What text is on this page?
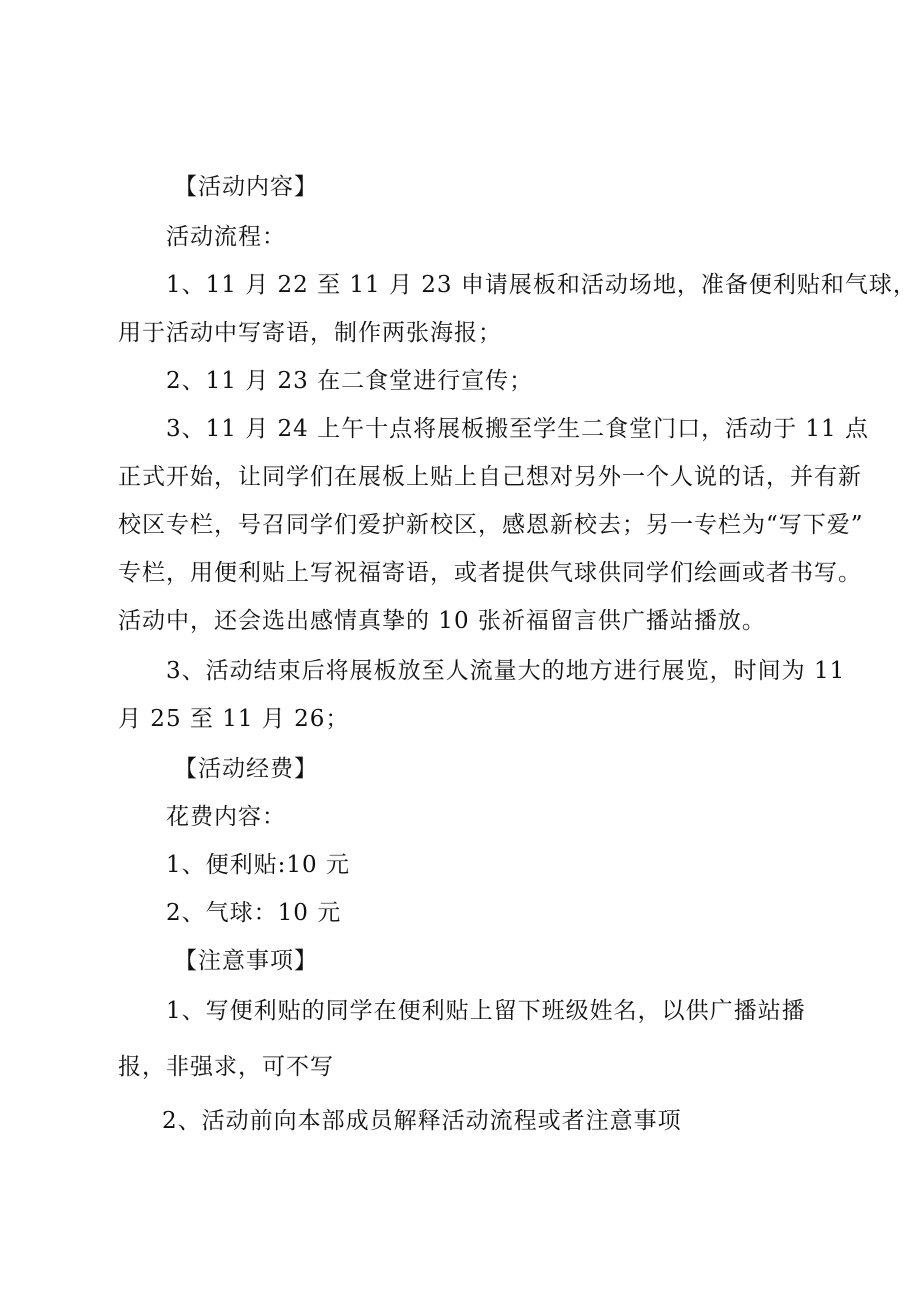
【活动内容】
活动流程：
1、11 月 22 至 11 月 23 申请展板和活动场地，准备便利贴和气球，
用于活动中写寄语，制作两张海报；
2、11 月 23 在二食堂进行宣传；
3、11 月 24 上午十点将展板搬至学生二食堂门口，活动于 11 点
正式开始，让同学们在展板上贴上自己想对另外一个人说的话，并有新
校区专栏，号召同学们爱护新校区，感恩新校去；另一专栏为“写下爱”
专栏，用便利贴上写祝福寄语，或者提供气球供同学们绘画或者书写。
活动中，还会选出感情真挚的 10 张祈福留言供广播站播放。
3、活动结束后将展板放至人流量大的地方进行展览，时间为 11
月 25 至 11 月 26；
【活动经费】
花费内容：
1、便利贴:10 元
2、气球：10 元
【注意事项】
1、写便利贴的同学在便利贴上留下班级姓名，以供广播站播
报，非强求，可不写
2、活动前向本部成员解释活动流程或者注意事项
